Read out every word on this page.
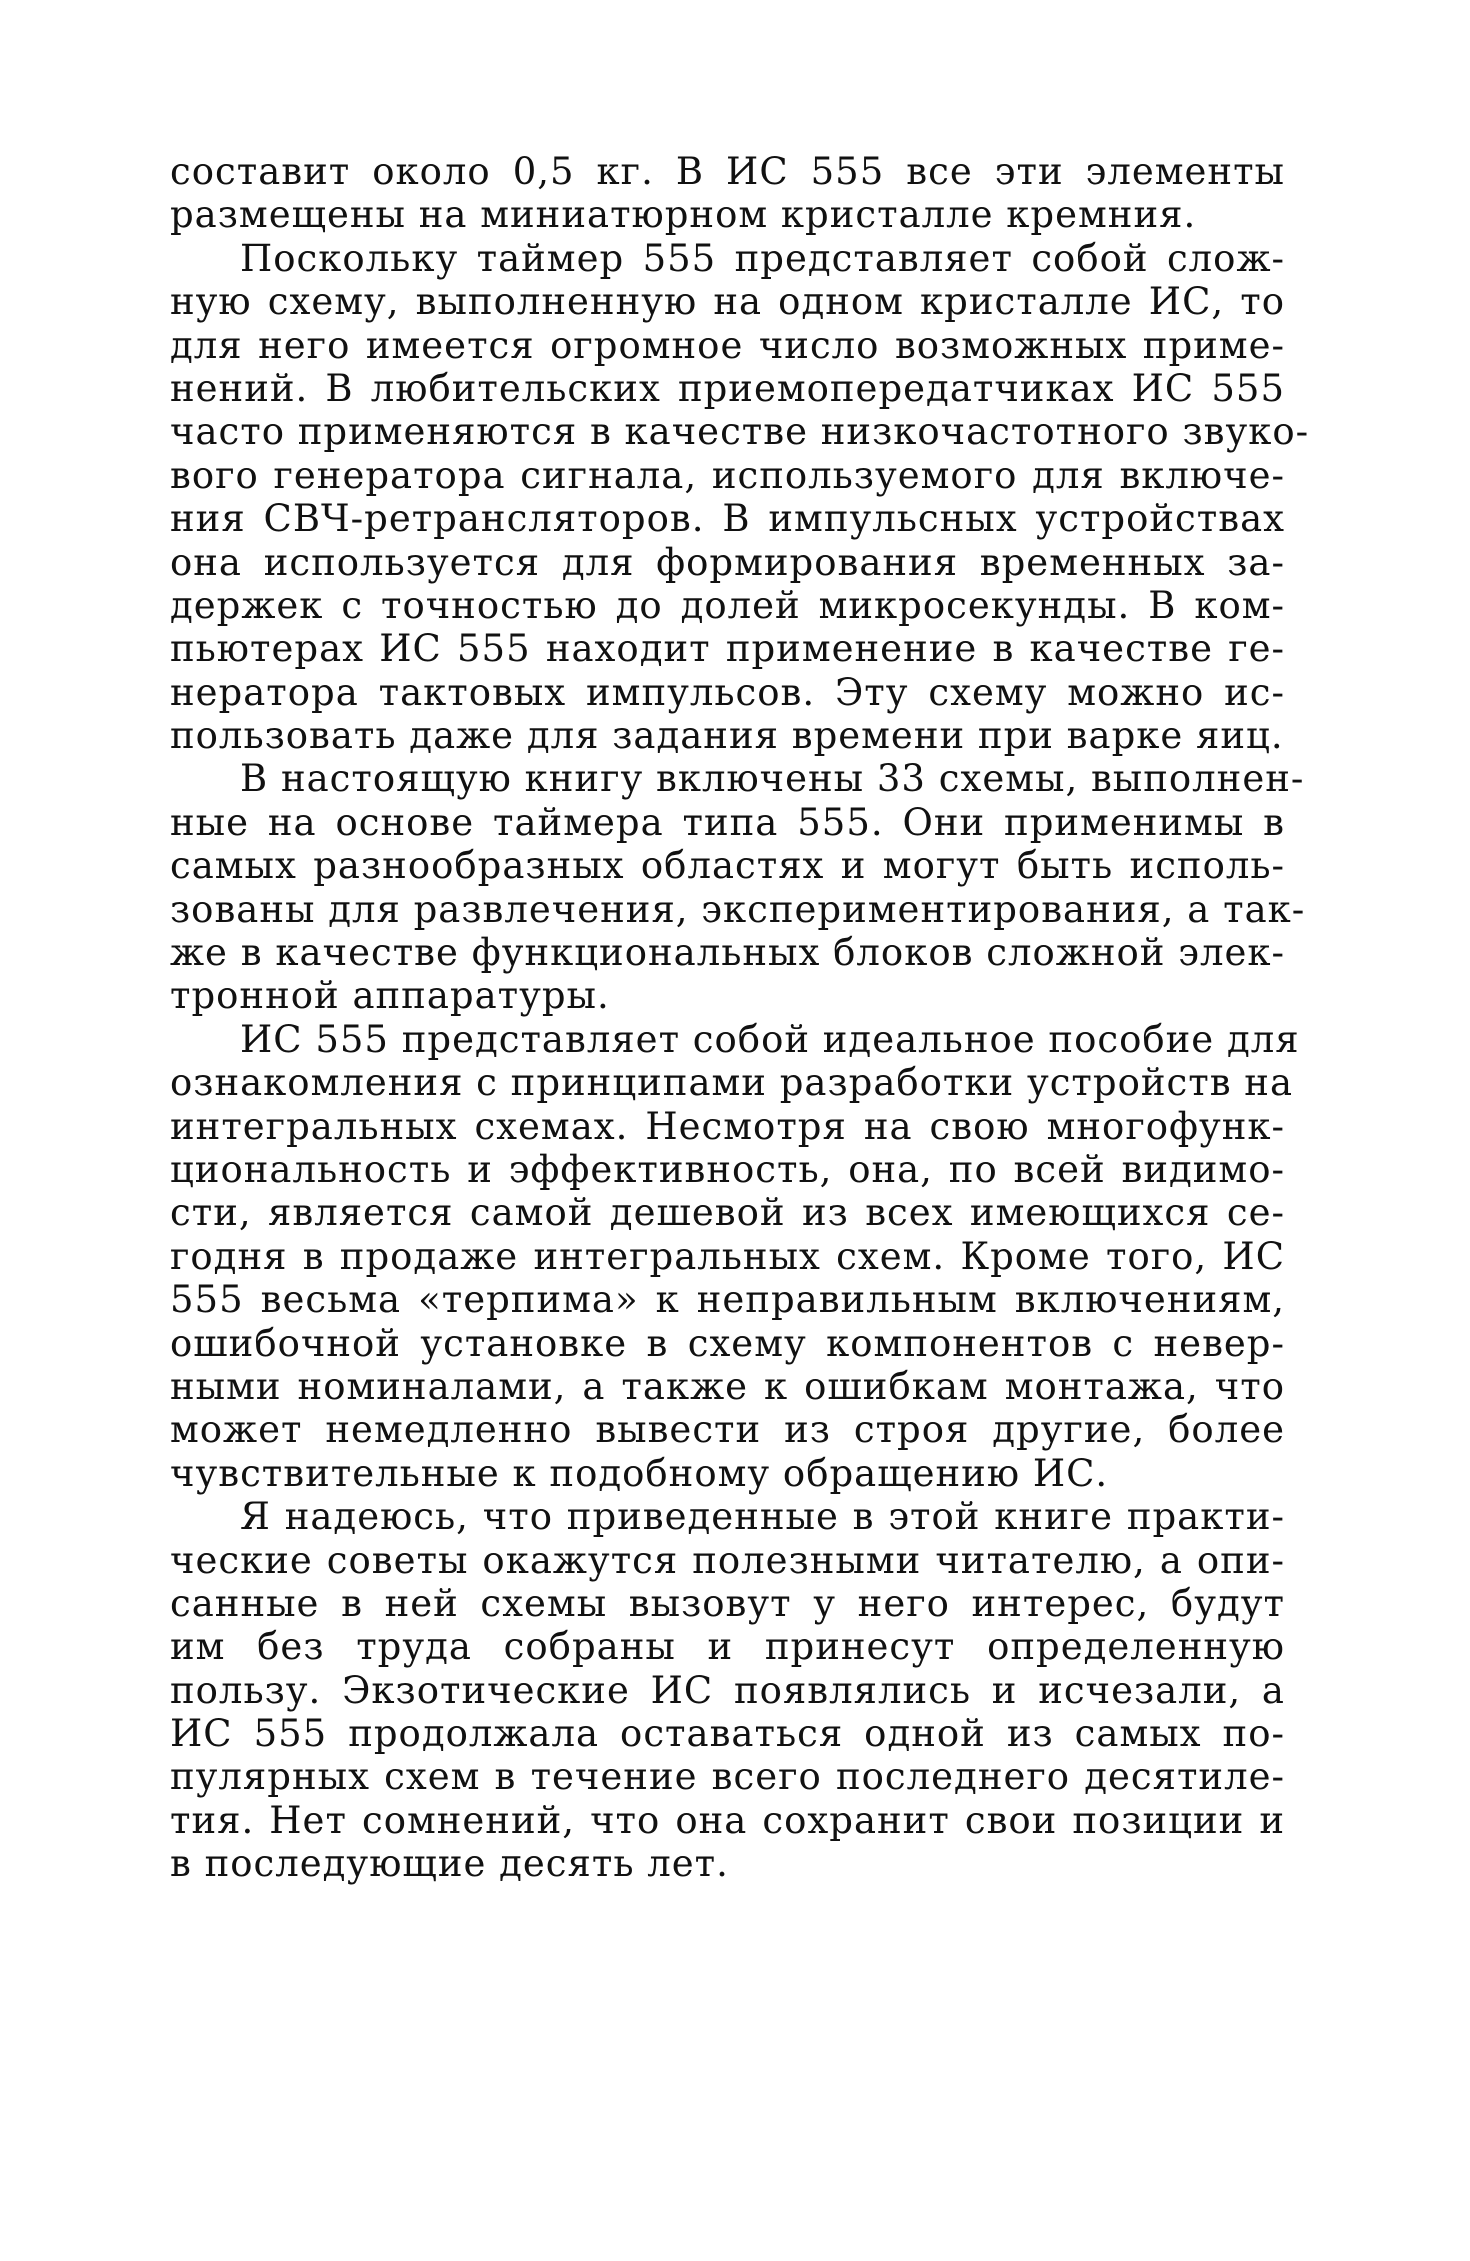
составит около 0,5 кг. В ИС 555 все эти элементы
размещены на миниатюрном кристалле кремния.
Поскольку таймер 555 представляет собой слож-
ную схему, выполненную на одном кристалле ИС, то
для него имеется огромное число возможных приме-
нений. В любительских приемопередатчиках ИС 555
часто применяются в качестве низкочастотного звуко-
вого генератора сигнала, используемого для включе-
ния СВЧ-ретрансляторов. В импульсных устройствах
она используется для формирования временных за-
держек с точностью до долей микросекунды. В ком-
пьютерах ИС 555 находит применение в качестве ге-
нератора тактовых импульсов. Эту схему можно ис-
пользовать даже для задания времени при варке яиц.
В настоящую книгу включены 33 схемы, выполнен-
ные на основе таймера типа 555. Они применимы в
самых разнообразных областях и могут быть исполь-
зованы для развлечения, экспериментирования, а так-
же в качестве функциональных блоков сложной элек-
тронной аппаратуры.
ИС 555 представляет собой идеальное пособие для
ознакомления с принципами разработки устройств на
интегральных схемах. Несмотря на свою многофунк-
циональность и эффективность, она, по всей видимо-
сти, является самой дешевой из всех имеющихся се-
годня в продаже интегральных схем. Кроме того, ИС
555 весьма «терпима» к неправильным включениям,
ошибочной установке в схему компонентов с невер-
ными номиналами, а также к ошибкам монтажа, что
может немедленно вывести из строя другие, более
чувствительные к подобному обращению ИС.
Я надеюсь, что приведенные в этой книге практи-
ческие советы окажутся полезными читателю, а опи-
санные в ней схемы вызовут у него интерес, будут
им без труда собраны и принесут определенную
пользу. Экзотические ИС появлялись и исчезали, а
ИС 555 продолжала оставаться одной из самых по-
пулярных схем в течение всего последнего десятиле-
тия. Нет сомнений, что она сохранит свои позиции и
в последующие десять лет.
